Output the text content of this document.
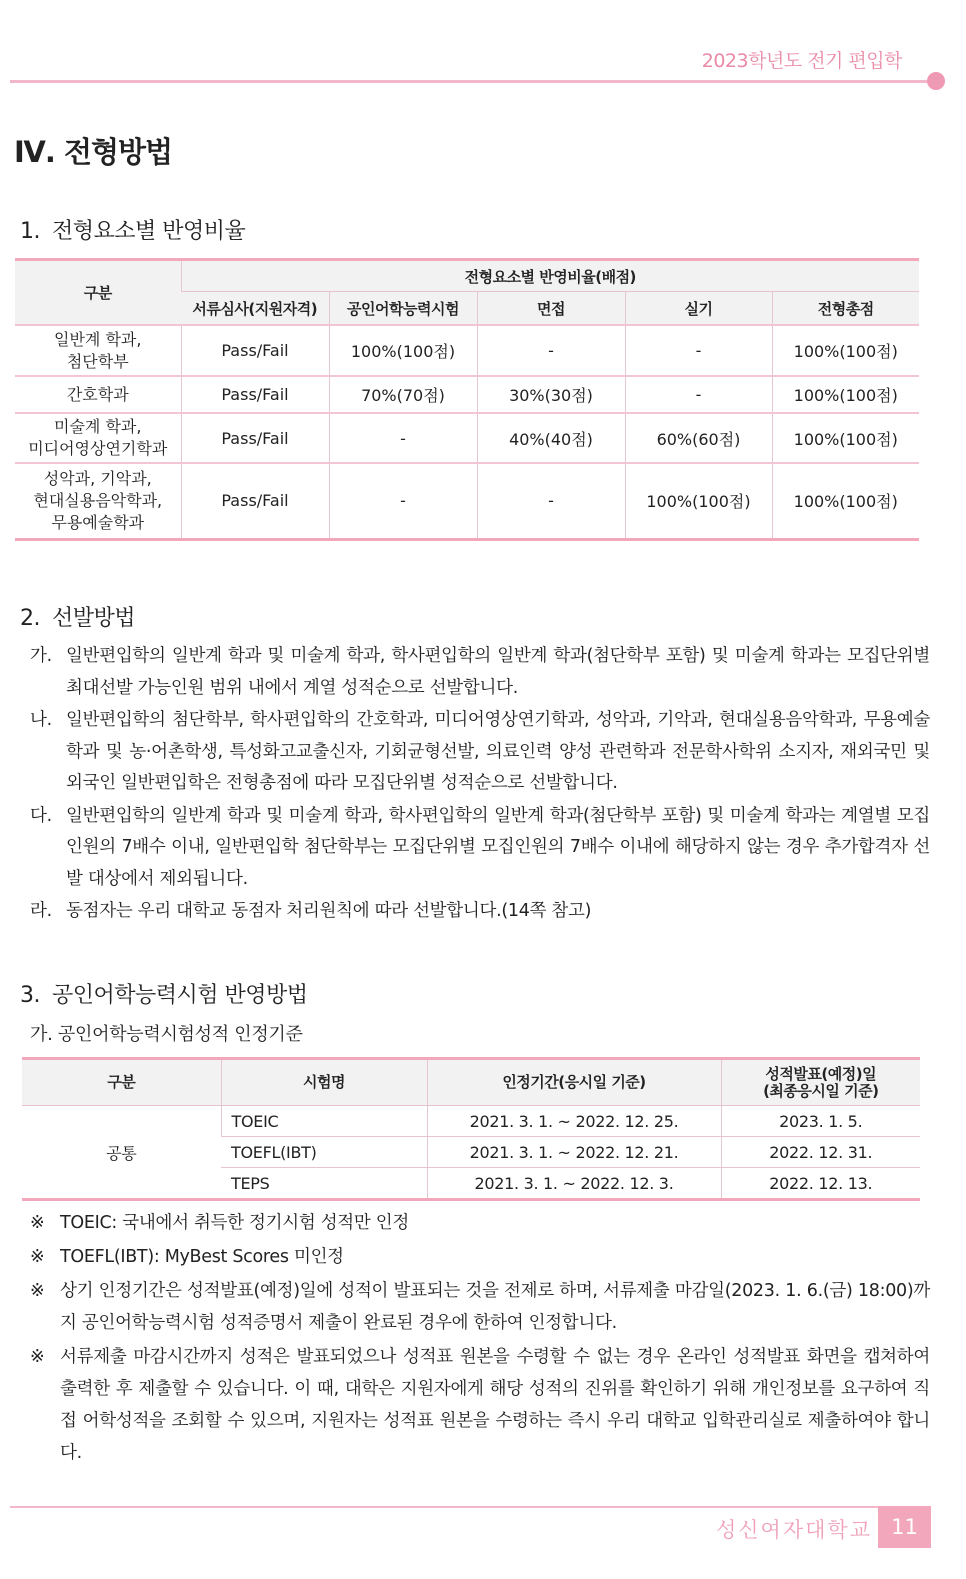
2023학년도 전기 편입학
Ⅳ. 전형방법
1. 전형요소별 반영비율
구분	전형요소별 반영비율(배점)				
	서류심사(지원자격)	공인어학능력시험	면접	실기	전형총점
일반계 학과,
첨단학부	Pass/Fail	100%(100점)	-	-	100%(100점)
간호학과	Pass/Fail	70%(70점)	30%(30점)	-	100%(100점)
미술계 학과,
미디어영상연기학과	Pass/Fail	-	40%(40점)	60%(60점)	100%(100점)
성악과, 기악과,
현대실용음악학과,
무용예술학과	Pass/Fail	-	-	100%(100점)	100%(100점)
2. 선발방법
가. 일반편입학의 일반계 학과 및 미술계 학과, 학사편입학의 일반계 학과(첨단학부 포함) 및 미술계 학과는 모집단위별 최대선발 가능인원 범위 내에서 계열 성적순으로 선발합니다.
나. 일반편입학의 첨단학부, 학사편입학의 간호학과, 미디어영상연기학과, 성악과, 기악과, 현대실용음악학과, 무용예술학과 및 농·어촌학생, 특성화고교출신자, 기회균형선발, 의료인력 양성 관련학과 전문학사학위 소지자, 재외국민 및 외국인 일반편입학은 전형총점에 따라 모집단위별 성적순으로 선발합니다.
다. 일반편입학의 일반계 학과 및 미술계 학과, 학사편입학의 일반계 학과(첨단학부 포함) 및 미술계 학과는 계열별 모집인원의 7배수 이내, 일반편입학 첨단학부는 모집단위별 모집인원의 7배수 이내에 해당하지 않는 경우 추가합격자 선발 대상에서 제외됩니다.
라. 동점자는 우리 대학교 동점자 처리원칙에 따라 선발합니다.(14쪽 참고)
3. 공인어학능력시험 반영방법
가. 공인어학능력시험성적 인정기준
구분	시험명	인정기간(응시일 기준)	성적발표(예정)일
(최종응시일 기준)
공통	TOEIC	2021. 3. 1. ~ 2022. 12. 25.	2023. 1. 5.
	TOEFL(IBT)	2021. 3. 1. ~ 2022. 12. 21.	2022. 12. 31.
	TEPS	2021. 3. 1. ~ 2022. 12. 3.	2022. 12. 13.
※ TOEIC: 국내에서 취득한 정기시험 성적만 인정
※ TOEFL(IBT): MyBest Scores 미인정
※ 상기 인정기간은 성적발표(예정)일에 성적이 발표되는 것을 전제로 하며, 서류제출 마감일(2023. 1. 6.(금) 18:00)까지 공인어학능력시험 성적증명서 제출이 완료된 경우에 한하여 인정합니다.
※ 서류제출 마감시간까지 성적은 발표되었으나 성적표 원본을 수령할 수 없는 경우 온라인 성적발표 화면을 캡쳐하여 출력한 후 제출할 수 있습니다. 이 때, 대학은 지원자에게 해당 성적의 진위를 확인하기 위해 개인정보를 요구하여 직접 어학성적을 조회할 수 있으며, 지원자는 성적표 원본을 수령하는 즉시 우리 대학교 입학관리실로 제출하여야 합니다.
성신여자대학교 11
